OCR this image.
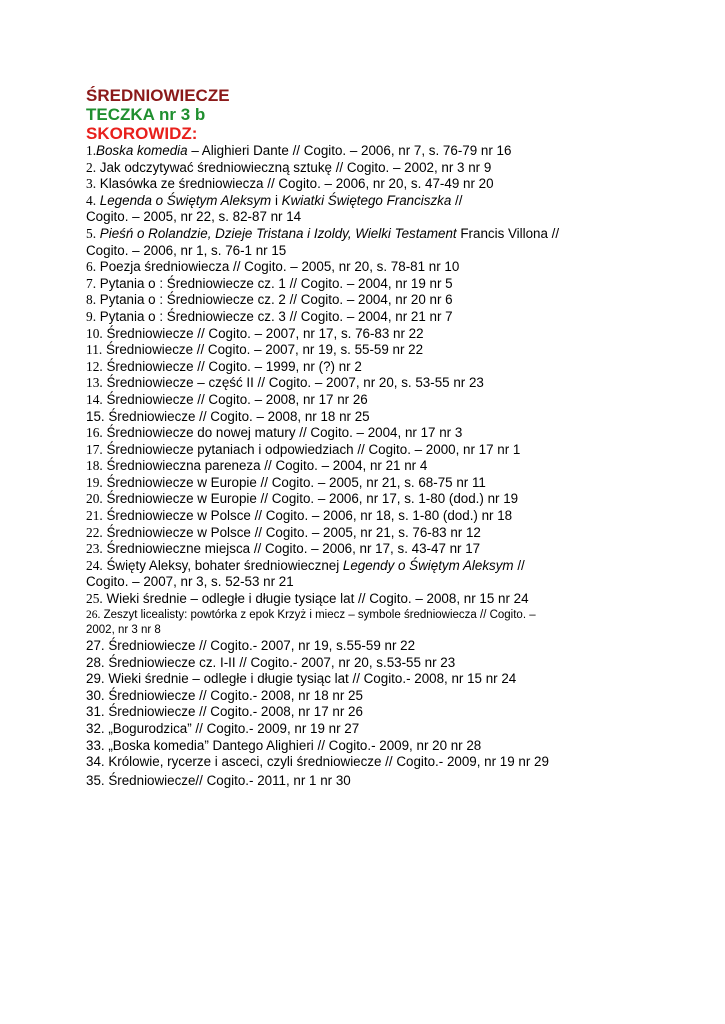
ŚREDNIOWIECZE

TECZKA nr 3 b

SKOROWIDZ:

1.Boska komedia – Alighieri Dante // Cogito. – 2006, nr 7, s. 76-79 nr 16
2. Jak odczytywać średniowieczną sztukę // Cogito. – 2002, nr 3 nr 9
3. Klasówka ze średniowiecza // Cogito. – 2006, nr 20, s. 47-49 nr 20
4. Legenda o Świętym Aleksym i Kwiatki Świętego Franciszka //
Cogito. – 2005, nr 22, s. 82-87 nr 14
5. Pieśń o Rolandzie, Dzieje Tristana i Izoldy, Wielki Testament Francis Villona //
Cogito. – 2006, nr 1, s. 76-1 nr 15
6. Poezja średniowiecza // Cogito. – 2005, nr 20, s. 78-81 nr 10
7. Pytania o : Średniowiecze cz. 1 // Cogito. – 2004, nr 19 nr 5
8. Pytania o : Średniowiecze cz. 2 // Cogito. – 2004, nr 20 nr 6
9. Pytania o : Średniowiecze cz. 3 // Cogito. – 2004, nr 21 nr 7
10. Średniowiecze // Cogito. – 2007, nr 17, s. 76-83 nr 22
11. Średniowiecze // Cogito. – 2007, nr 19, s. 55-59 nr 22
12. Średniowiecze // Cogito. – 1999, nr (?) nr 2
13. Średniowiecze – część II // Cogito. – 2007, nr 20, s. 53-55 nr 23
14. Średniowiecze // Cogito. – 2008, nr 17 nr 26
15. Średniowiecze // Cogito. – 2008, nr 18 nr 25
16. Średniowiecze do nowej matury // Cogito. – 2004, nr 17 nr 3
17. Średniowiecze pytaniach i odpowiedziach // Cogito. – 2000, nr 17 nr 1
18. Średniowieczna pareneza // Cogito. – 2004, nr 21 nr 4
19. Średniowiecze w Europie // Cogito. – 2005, nr 21, s. 68-75 nr 11
20. Średniowiecze w Europie // Cogito. – 2006, nr 17, s. 1-80 (dod.) nr 19
21. Średniowiecze w Polsce // Cogito. – 2006, nr 18, s. 1-80 (dod.) nr 18
22. Średniowiecze w Polsce // Cogito. – 2005, nr 21, s. 76-83 nr 12
23. Średniowieczne miejsca // Cogito. – 2006, nr 17, s. 43-47 nr 17
24. Święty Aleksy, bohater średniowiecznej Legendy o Świętym Aleksym //
Cogito. – 2007, nr 3, s. 52-53 nr 21
25. Wieki średnie – odległe i długie tysiące lat // Cogito. – 2008, nr 15 nr 24
26. Zeszyt licealisty: powtórka z epok Krzyż i miecz – symbole średniowiecza // Cogito. –
2002, nr 3 nr 8
27. Średniowiecze // Cogito.- 2007, nr 19, s.55-59 nr 22
28. Średniowiecze cz. I-II // Cogito.- 2007, nr 20, s.53-55 nr 23
29. Wieki średnie – odległe i długie tysiąc lat // Cogito.- 2008, nr 15 nr 24
30. Średniowiecze // Cogito.- 2008, nr 18 nr 25
31. Średniowiecze // Cogito.- 2008, nr 17 nr 26
32. „Bogurodzica” // Cogito.- 2009, nr 19 nr 27
33. „Boska komedia” Dantego Alighieri // Cogito.- 2009, nr 20 nr 28
34. Królowie, rycerze i asceci, czyli średniowiecze // Cogito.- 2009, nr 19 nr 29
35. Średniowiecze// Cogito.- 2011, nr 1 nr 30
